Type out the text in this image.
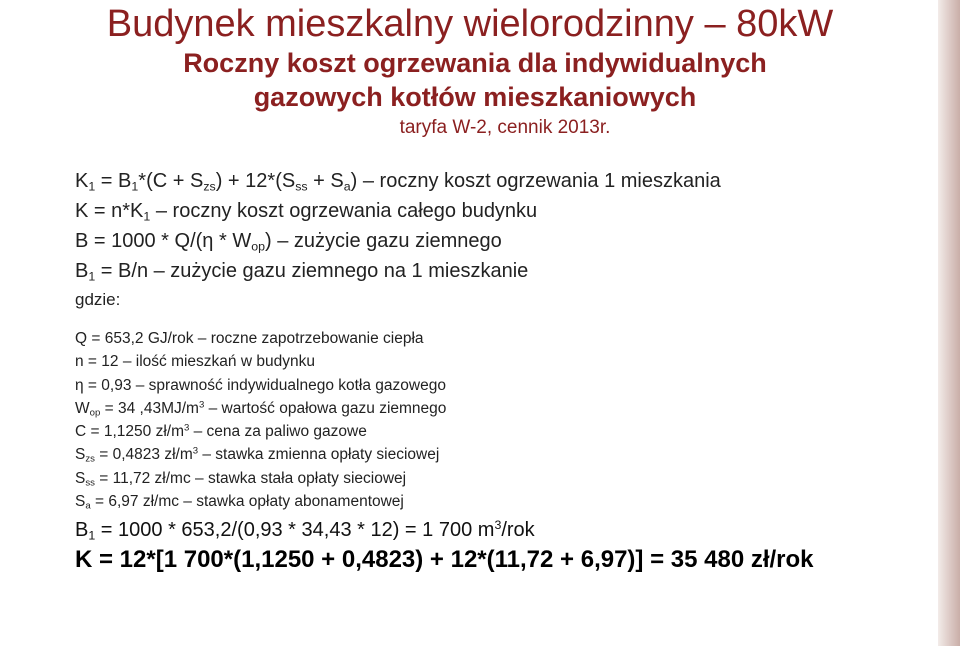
Budynek mieszkalny wielorodzinny – 80kW
Roczny koszt ogrzewania dla indywidualnych gazowych kotłów mieszkaniowych
taryfa W-2, cennik 2013r.
$K_1 = B_1*(C + S_{zs}) + 12*(S_{ss} + S_a)$ – roczny koszt ogrzewania 1 mieszkania
$K = n*K_1$ – roczny koszt ogrzewania całego budynku
$B = 1000 * Q/(\eta * W_{op})$ – zużycie gazu ziemnego
$B_1 = B/n$ – zużycie gazu ziemnego na 1 mieszkanie
gdzie:
Q = 653,2 GJ/rok – roczne zapotrzebowanie ciepła
n = 12 – ilość mieszkań w budynku
η = 0,93 – sprawność indywidualnego kotła gazowego
$W_{op} = 34$ $,43MJ/m^3$ – wartość opałowa gazu ziemnego
C = 1,1250 $zł/m^3$ – cena za paliwo gazowe
$S_{zs} = 0,4823$ $zł/m^3$ – stawka zmienna opłaty sieciowej
$S_{ss} = 11,72$ zł/mc – stawka stała opłaty sieciowej
$S_a = 6,97$ zł/mc – stawka opłaty abonamentowej
$B_1 = 1000 * 653,2/(0,93 * 34,43 * 12) = 1$ 700 $m^3$/rok
K = 12*[1 700*(1,1250 + 0,4823) + 12*(11,72 + 6,97)] = 35 480 zł/rok
